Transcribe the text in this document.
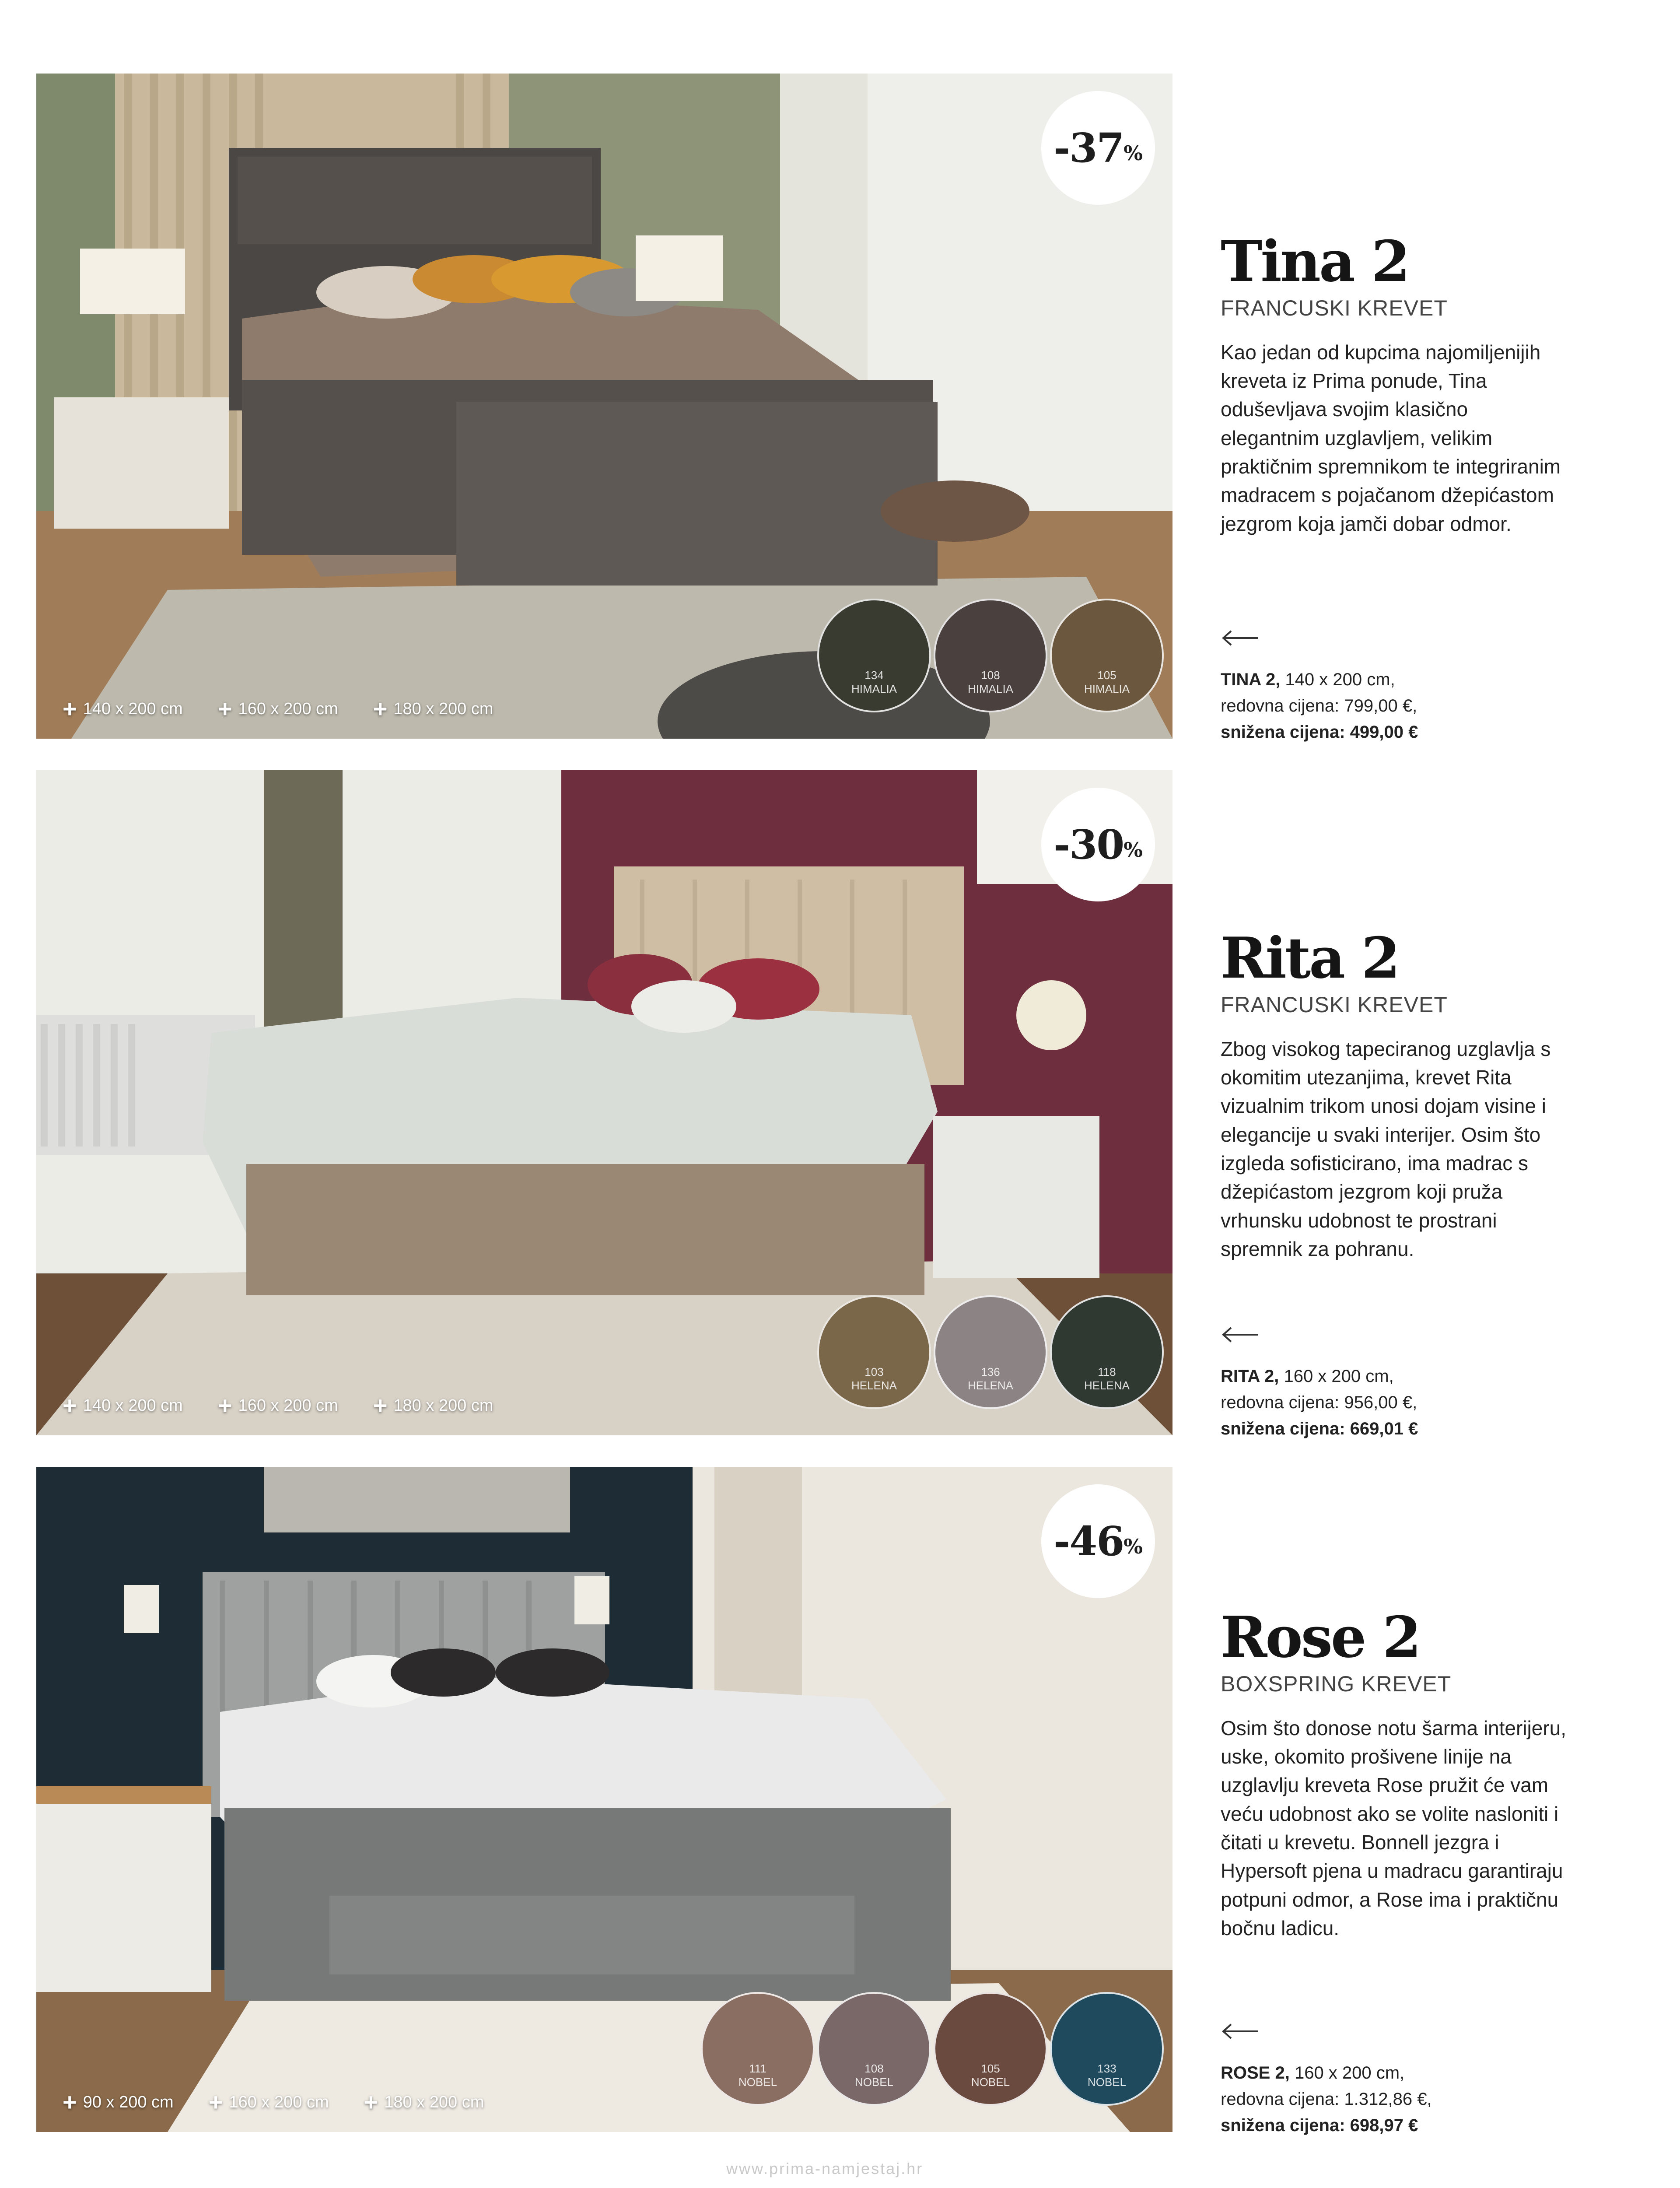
-37 %
+ 140 x 200 cm + 160 x 200 cm + 180 x 200 cm
134
HIMALIA
108
HIMALIA
105
HIMALIA
Tina 2
FRANCUSKI KREVET
Kao jedan od kupcima najomiljenijih kreveta iz Prima ponude, Tina oduševljava svojim klasično elegantnim uzglavljem, velikim praktičnim spremnikom te integriranim madracem s pojačanom džepićastom jezgrom koja jamči dobar odmor.
TINA 2, 140 x 200 cm,
redovna cijena: 799,00 €,
snižena cijena: 499,00 €
-30 %
+ 140 x 200 cm + 160 x 200 cm + 180 x 200 cm
103
HELENA
136
HELENA
118
HELENA
Rita 2
FRANCUSKI KREVET
Zbog visokog tapeciranog uzglavlja s okomitim utezanjima, krevet Rita vizualnim trikom unosi dojam visine i elegancije u svaki interijer. Osim što izgleda sofisticirano, ima madrac s džepićastom jezgrom koji pruža vrhunsku udobnost te prostrani spremnik za pohranu.
RITA 2, 160 x 200 cm,
redovna cijena: 956,00 €,
snižena cijena: 669,01 €
-46 %
+ 90 x 200 cm + 160 x 200 cm + 180 x 200 cm
111
NOBEL
108
NOBEL
105
NOBEL
133
NOBEL
Rose 2
BOXSPRING KREVET
Osim što donose notu šarma interijeru, uske, okomito prošivene linije na uzglavlju kreveta Rose pružit će vam veću udobnost ako se volite nasloniti i čitati u krevetu. Bonnell jezgra i Hypersoft pjena u madracu garantiraju potpuni odmor, a Rose ima i praktičnu bočnu ladicu.
ROSE 2, 160 x 200 cm,
redovna cijena: 1.312,86 €,
snižena cijena: 698,97 €
www.prima-namjestaj.hr
